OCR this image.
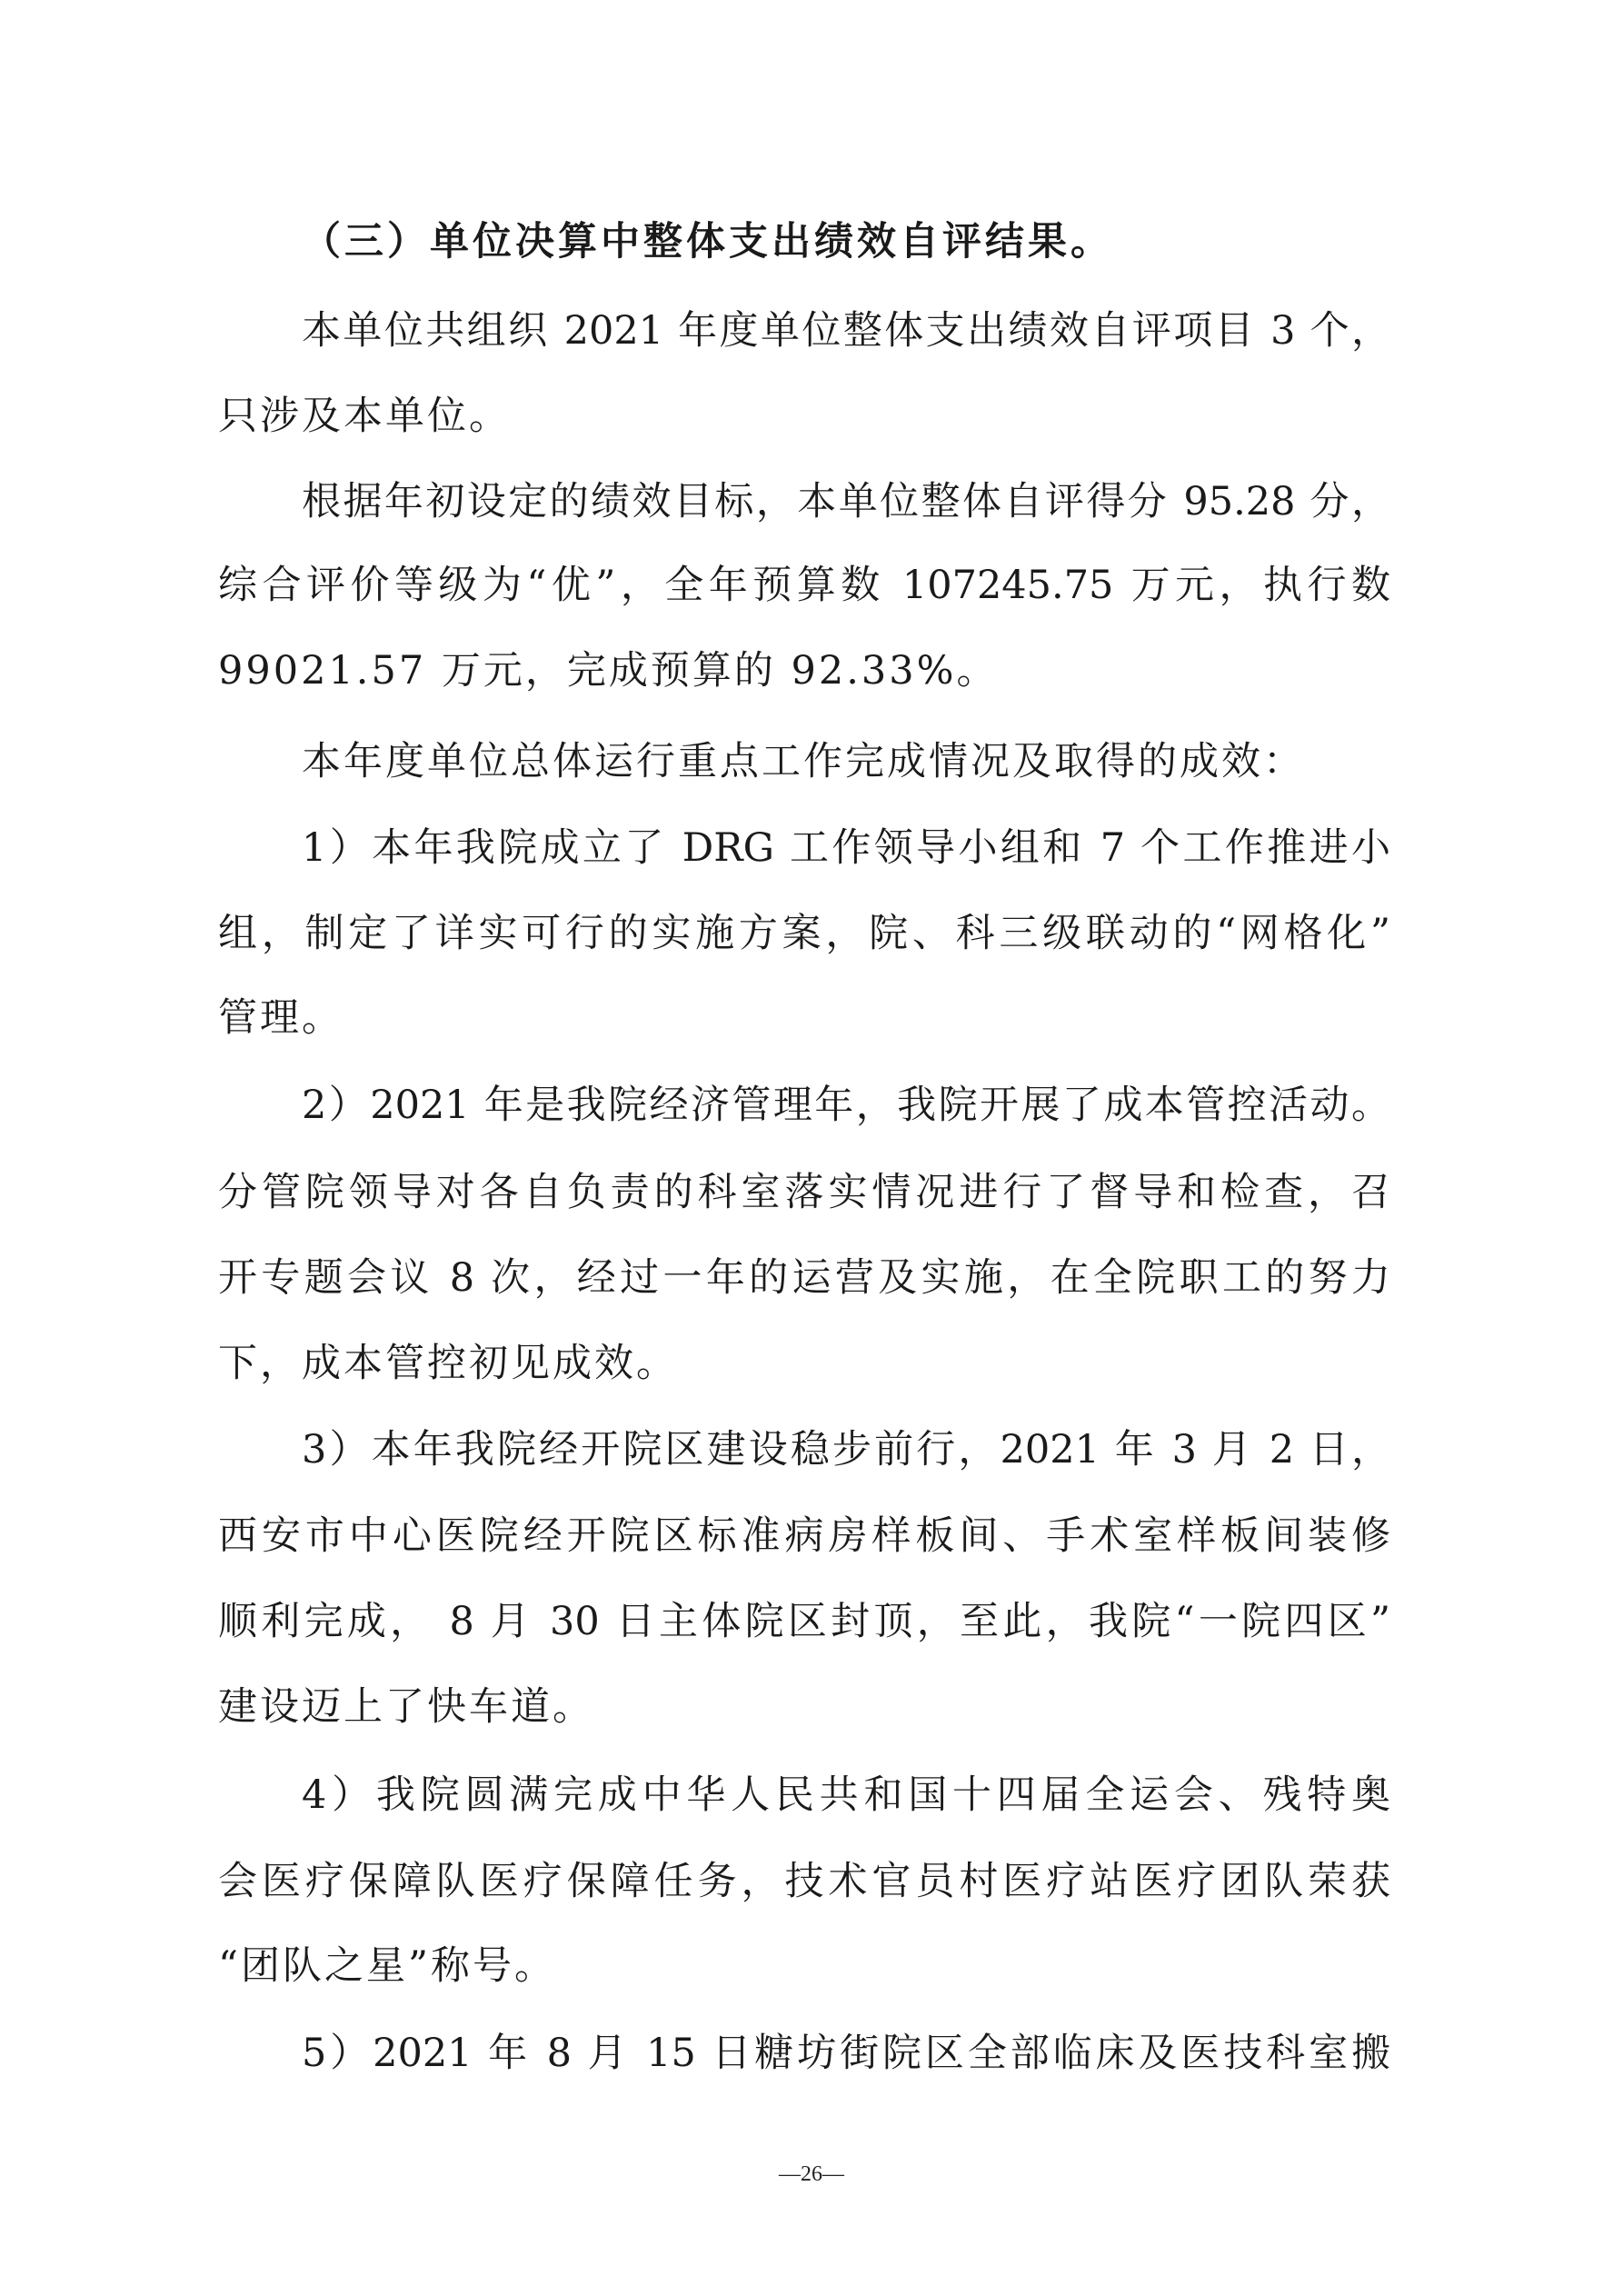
（三）单位决算中整体支出绩效自评结果。
本单位共组织 2021 年度单位整体支出绩效自评项目 3 个，
只涉及本单位。
根据年初设定的绩效目标，本单位整体自评得分 95.28 分，
综合评价等级为“优”，全年预算数 107245.75 万元，执行数
99021.57 万元，完成预算的 92.33%。
本年度单位总体运行重点工作完成情况及取得的成效：
1）本年我院成立了 DRG 工作领导小组和 7 个工作推进小
组，制定了详实可行的实施方案，院、科三级联动的“网格化”
管理。
2）2021 年是我院经济管理年，我院开展了成本管控活动。
分管院领导对各自负责的科室落实情况进行了督导和检查，召
开专题会议 8 次，经过一年的运营及实施，在全院职工的努力
下，成本管控初见成效。
3）本年我院经开院区建设稳步前行，2021 年 3 月 2 日，
西安市中心医院经开院区标准病房样板间、手术室样板间装修
顺利完成， 8 月 30 日主体院区封顶，至此，我院“一院四区”
建设迈上了快车道。
4）我院圆满完成中华人民共和国十四届全运会、残特奥
会医疗保障队医疗保障任务，技术官员村医疗站医疗团队荣获
“团队之星”称号。
5）2021 年 8 月 15 日糖坊街院区全部临床及医技科室搬
—26—
